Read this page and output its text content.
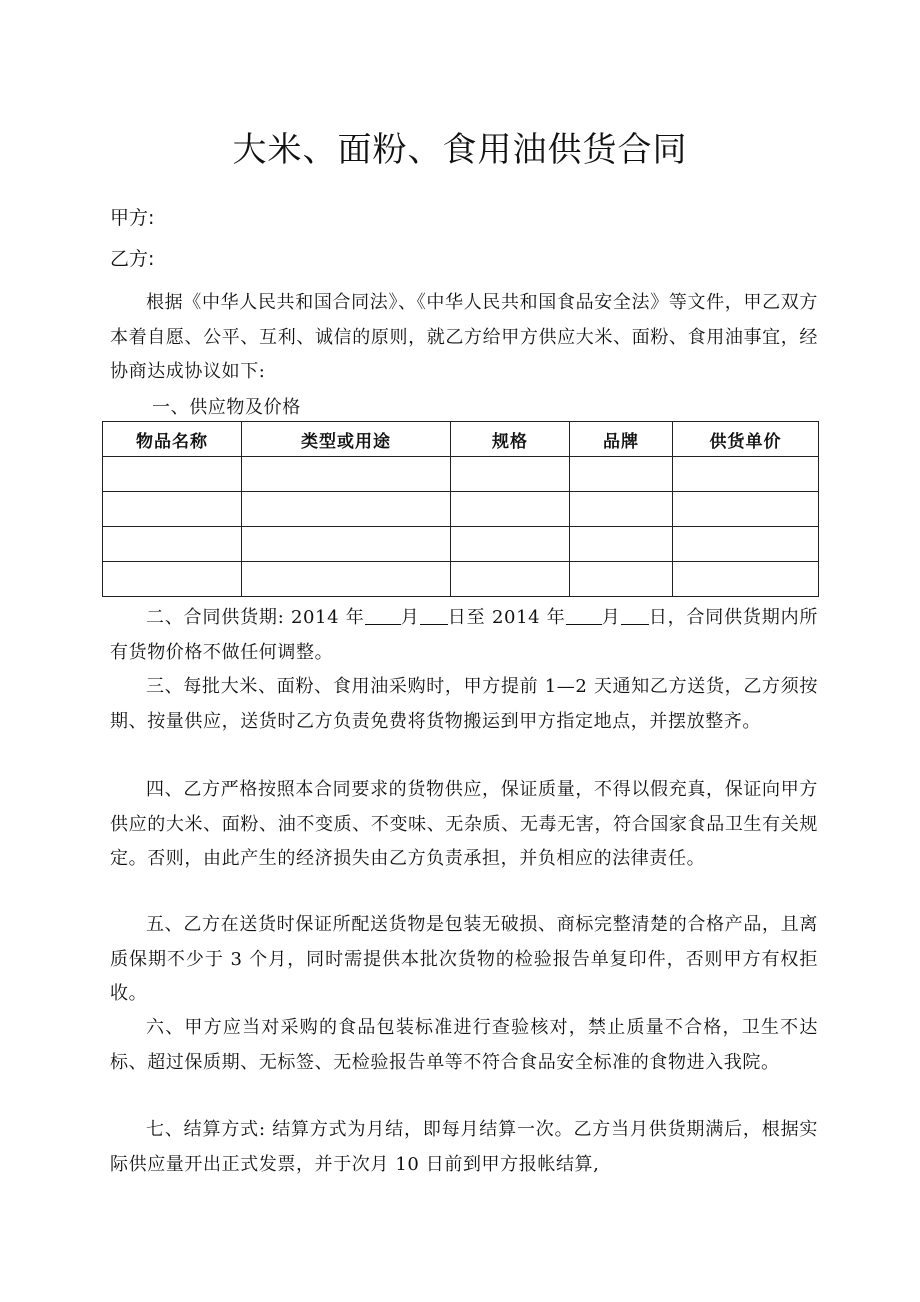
大米、面粉、食用油供货合同
甲方:
乙方:

根据《中华人民共和国合同法》、《中华人民共和国食品安全法》等文件，甲乙双方本着自愿、公平、互利、诚信的原则，就乙方给甲方供应大米、面粉、食用油事宜，经协商达成协议如下:

一、供应物及价格
物品名称	类型或用途	规格	品牌	供货单价

二、合同供货期: 2014 年 月 日至 2014 年 月 日，合同供货期内所有货物价格不做任何调整。

三、每批大米、面粉、食用油采购时，甲方提前 1—2 天通知乙方送货，乙方须按期、按量供应，送货时乙方负责免费将货物搬运到甲方指定地点，并摆放整齐。

四、乙方严格按照本合同要求的货物供应，保证质量，不得以假充真，保证向甲方供应的大米、面粉、油不变质、不变味、无杂质、无毒无害，符合国家食品卫生有关规定。否则，由此产生的经济损失由乙方负责承担，并负相应的法律责任。

五、乙方在送货时保证所配送货物是包装无破损、商标完整清楚的合格产品，且离质保期不少于 3 个月，同时需提供本批次货物的检验报告单复印件，否则甲方有权拒收。

六、甲方应当对采购的食品包装标准进行查验核对，禁止质量不合格，卫生不达标、超过保质期、无标签、无检验报告单等不符合食品安全标准的食物进入我院。

七、结算方式: 结算方式为月结，即每月结算一次。乙方当月供货期满后，根据实际供应量开出正式发票，并于次月 10 日前到甲方报帐结算,
